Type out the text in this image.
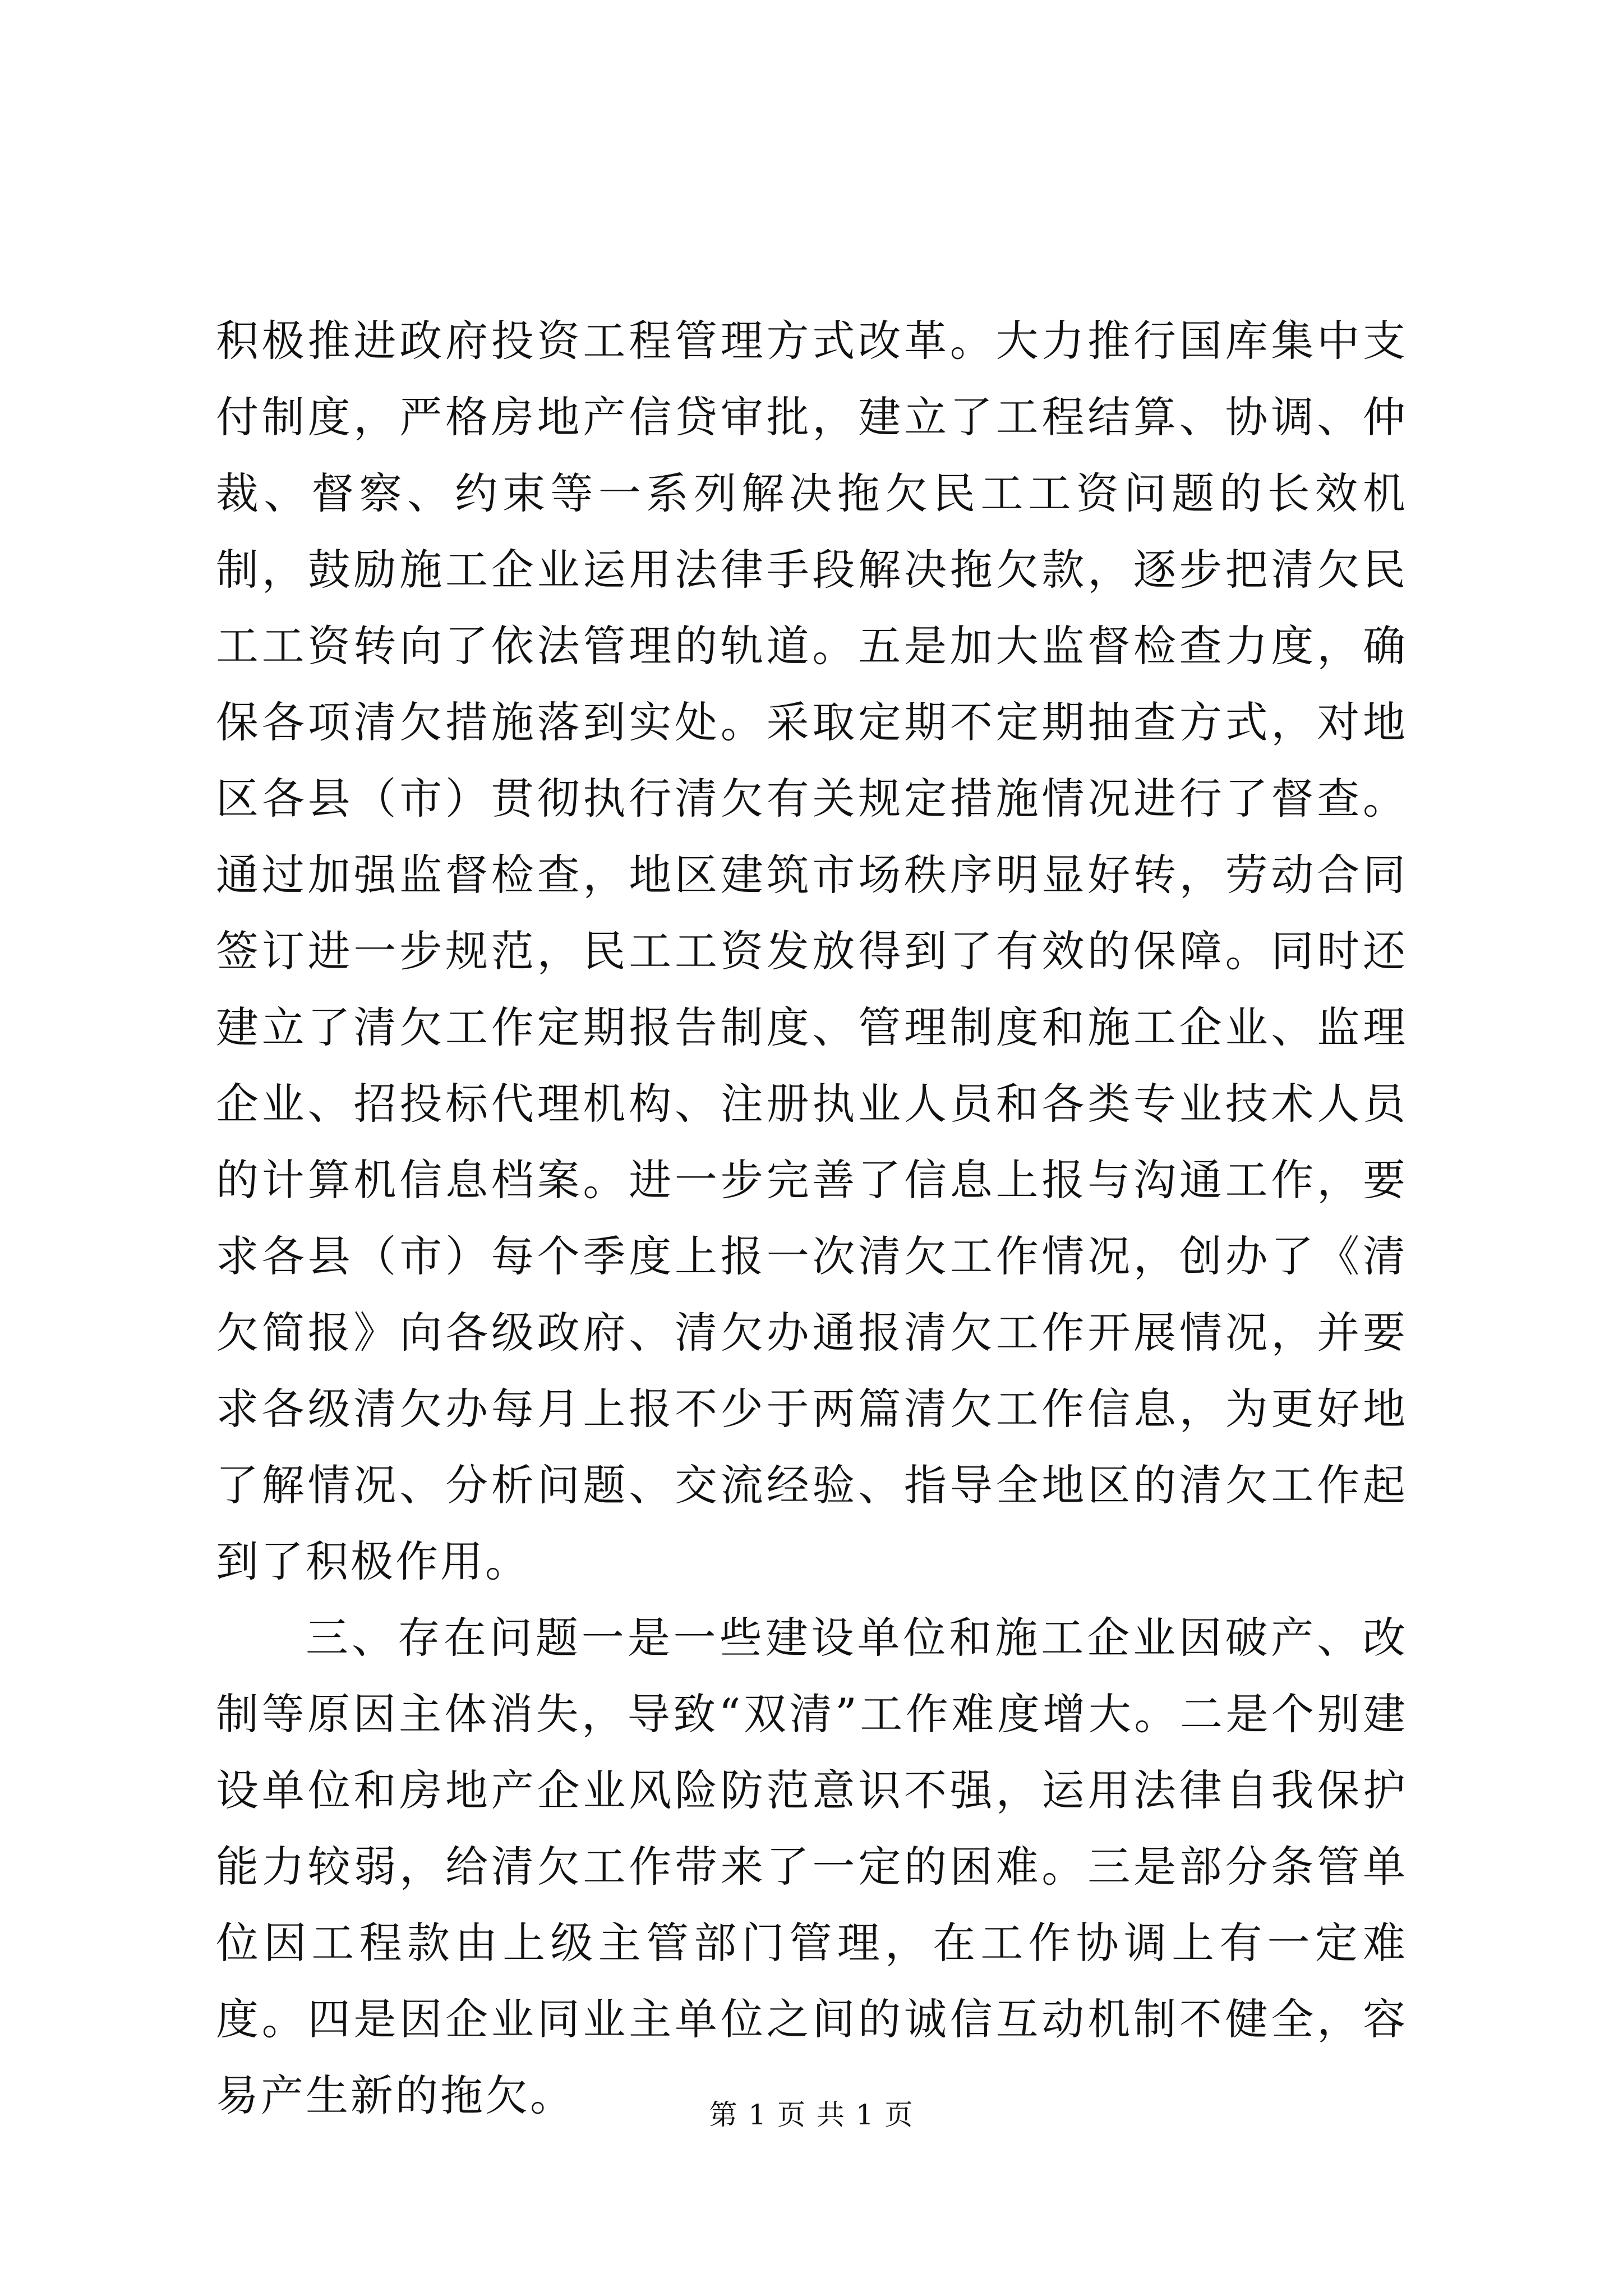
积极推进政府投资工程管理方式改革。大力推行国库集中支付制度，严格房地产信贷审批，建立了工程结算、协调、仲裁、督察、约束等一系列解决拖欠民工工资问题的长效机制，鼓励施工企业运用法律手段解决拖欠款，逐步把清欠民工工资转向了依法管理的轨道。五是加大监督检查力度，确保各项清欠措施落到实处。采取定期不定期抽查方式，对地区各县（市）贯彻执行清欠有关规定措施情况进行了督查。通过加强监督检查，地区建筑市场秩序明显好转，劳动合同签订进一步规范，民工工资发放得到了有效的保障。同时还建立了清欠工作定期报告制度、管理制度和施工企业、监理企业、招投标代理机构、注册执业人员和各类专业技术人员的计算机信息档案。进一步完善了信息上报与沟通工作，要求各县（市）每个季度上报一次清欠工作情况，创办了《清欠简报》向各级政府、清欠办通报清欠工作开展情况，并要求各级清欠办每月上报不少于两篇清欠工作信息，为更好地了解情况、分析问题、交流经验、指导全地区的清欠工作起到了积极作用。

三、存在问题一是一些建设单位和施工企业因破产、改制等原因主体消失，导致“双清”工作难度增大。二是个别建设单位和房地产企业风险防范意识不强，运用法律自我保护能力较弱，给清欠工作带来了一定的困难。三是部分条管单位因工程款由上级主管部门管理，在工作协调上有一定难度。四是因企业同业主单位之间的诚信互动机制不健全，容易产生新的拖欠。	第 1 页 共 1 页
